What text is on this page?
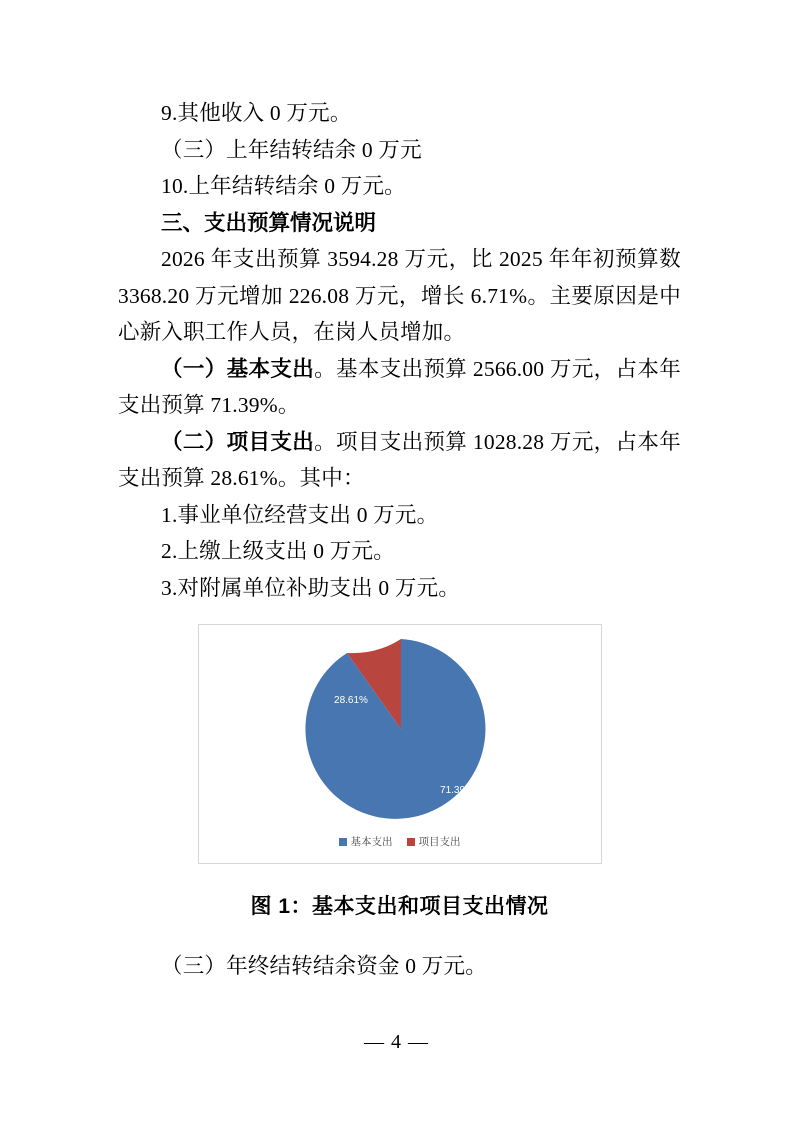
9.其他收入 0 万元。

（三）上年结转结余 0 万元

10.上年结转结余 0 万元。

三、支出预算情况说明

2026 年支出预算 3594.28 万元，比 2025 年年初预算数 3368.20 万元增加 226.08 万元，增长 6.71%。主要原因是中心新入职工作人员，在岗人员增加。

（一）基本支出。基本支出预算 2566.00 万元，占本年支出预算 71.39%。

（二）项目支出。项目支出预算 1028.28 万元，占本年支出预算 28.61%。其中：

1.事业单位经营支出 0 万元。

2.上缴上级支出 0 万元。

3.对附属单位补助支出 0 万元。

71.39%
28.61%
基本支出 项目支出

图 1：基本支出和项目支出情况

（三）年终结转结余资金 0 万元。

— 4 —
